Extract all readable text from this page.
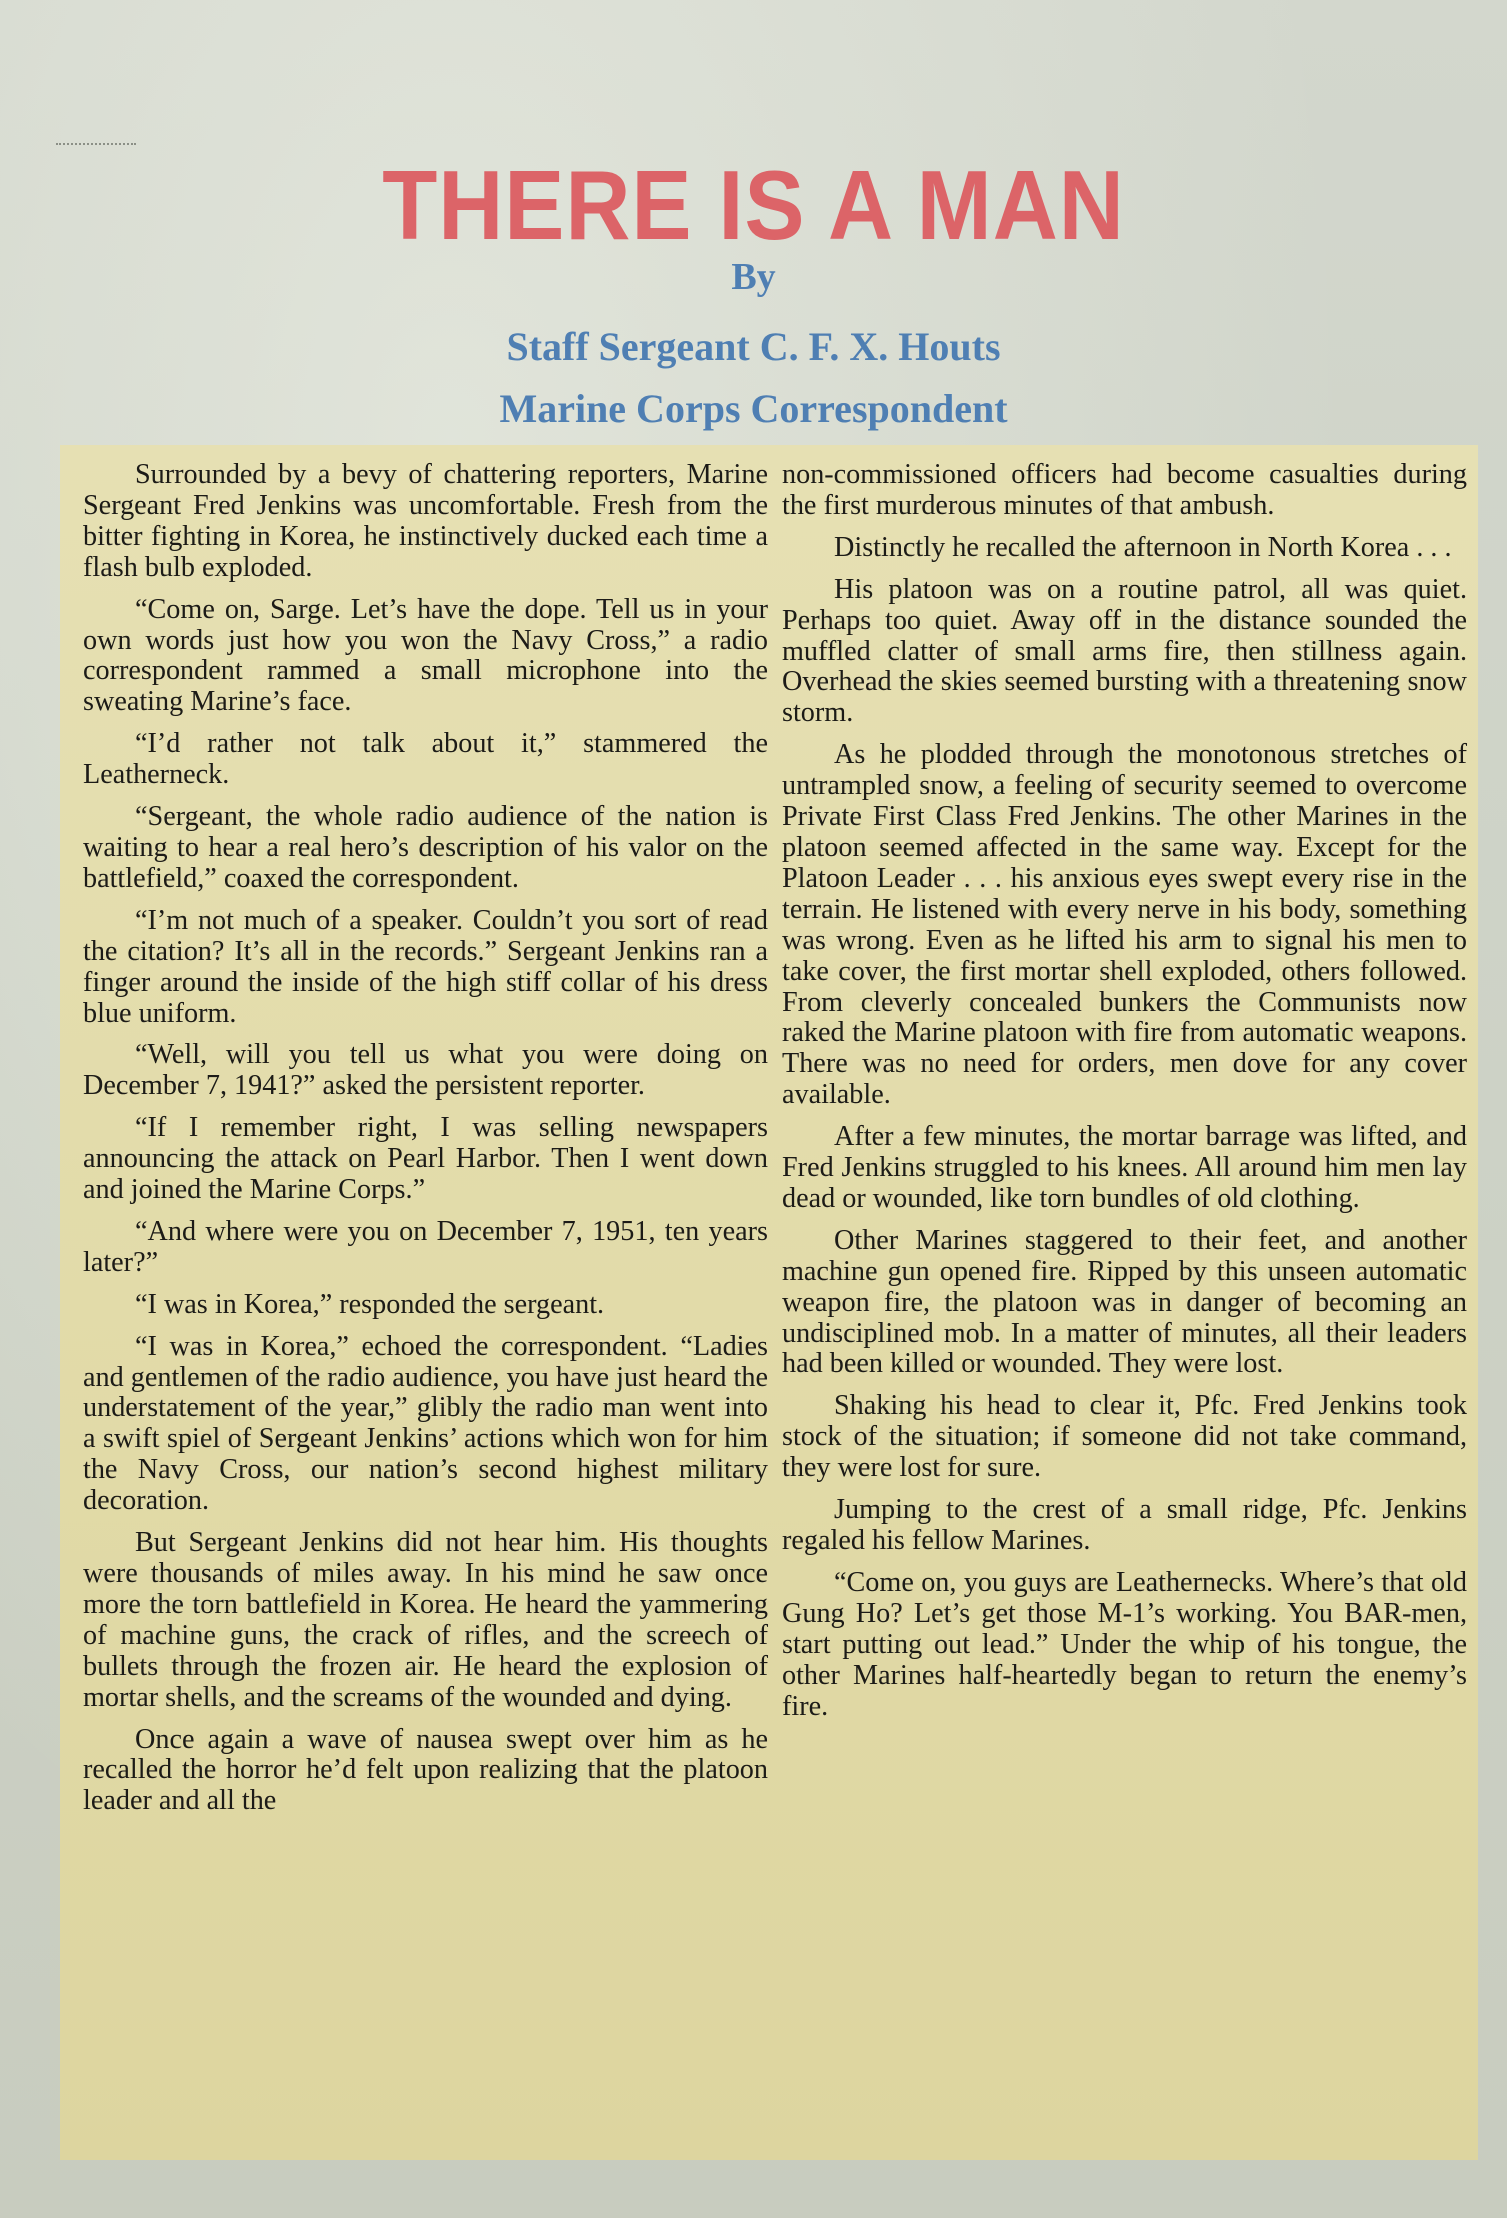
THERE IS A MAN

By

Staff Sergeant C. F. X. Houts

Marine Corps Correspondent

Surrounded by a bevy of chattering reporters, Marine Sergeant Fred Jenkins was uncomfortable. Fresh from the bitter fighting in Korea, he instinctively ducked each time a flash bulb exploded.

“Come on, Sarge. Let’s have the dope. Tell us in your own words just how you won the Navy Cross,” a radio correspondent rammed a small microphone into the sweating Marine’s face.

“I’d rather not talk about it,” stammered the Leatherneck.

“Sergeant, the whole radio audience of the nation is waiting to hear a real hero’s description of his valor on the battlefield,” coaxed the correspondent.

“I’m not much of a speaker. Couldn’t you sort of read the citation? It’s all in the records.” Sergeant Jenkins ran a finger around the inside of the high stiff collar of his dress blue uniform.

“Well, will you tell us what you were doing on December 7, 1941?” asked the persistent reporter.

“If I remember right, I was selling newspapers announcing the attack on Pearl Harbor. Then I went down and joined the Marine Corps.”

“And where were you on December 7, 1951, ten years later?”

“I was in Korea,” responded the sergeant.

“I was in Korea,” echoed the correspondent. “Ladies and gentlemen of the radio audience, you have just heard the understatement of the year,” glibly the radio man went into a swift spiel of Sergeant Jenkins’ actions which won for him the Navy Cross, our nation’s second highest military decoration.

But Sergeant Jenkins did not hear him. His thoughts were thousands of miles away. In his mind he saw once more the torn battlefield in Korea. He heard the yammering of machine guns, the crack of rifles, and the screech of bullets through the frozen air. He heard the explosion of mortar shells, and the screams of the wounded and dying.

Once again a wave of nausea swept over him as he recalled the horror he’d felt upon realizing that the platoon leader and all the

non-commissioned officers had become casualties during the first murderous minutes of that ambush.

Distinctly he recalled the afternoon in North Korea . . .

His platoon was on a routine patrol, all was quiet. Perhaps too quiet. Away off in the distance sounded the muffled clatter of small arms fire, then stillness again. Overhead the skies seemed bursting with a threatening snow storm.

As he plodded through the monotonous stretches of untrampled snow, a feeling of security seemed to overcome Private First Class Fred Jenkins. The other Marines in the platoon seemed affected in the same way. Except for the Platoon Leader . . . his anxious eyes swept every rise in the terrain. He listened with every nerve in his body, something was wrong. Even as he lifted his arm to signal his men to take cover, the first mortar shell exploded, others followed. From cleverly concealed bunkers the Communists now raked the Marine platoon with fire from automatic weapons. There was no need for orders, men dove for any cover available.

After a few minutes, the mortar barrage was lifted, and Fred Jenkins struggled to his knees. All around him men lay dead or wounded, like torn bundles of old clothing.

Other Marines staggered to their feet, and another machine gun opened fire. Ripped by this unseen automatic weapon fire, the platoon was in danger of becoming an undisciplined mob. In a matter of minutes, all their leaders had been killed or wounded. They were lost.

Shaking his head to clear it, Pfc. Fred Jenkins took stock of the situation; if someone did not take command, they were lost for sure.

Jumping to the crest of a small ridge, Pfc. Jenkins regaled his fellow Marines.

“Come on, you guys are Leathernecks. Where’s that old Gung Ho? Let’s get those M-1’s working. You BAR-men, start putting out lead.” Under the whip of his tongue, the other Marines half-heartedly began to return the enemy’s fire.
